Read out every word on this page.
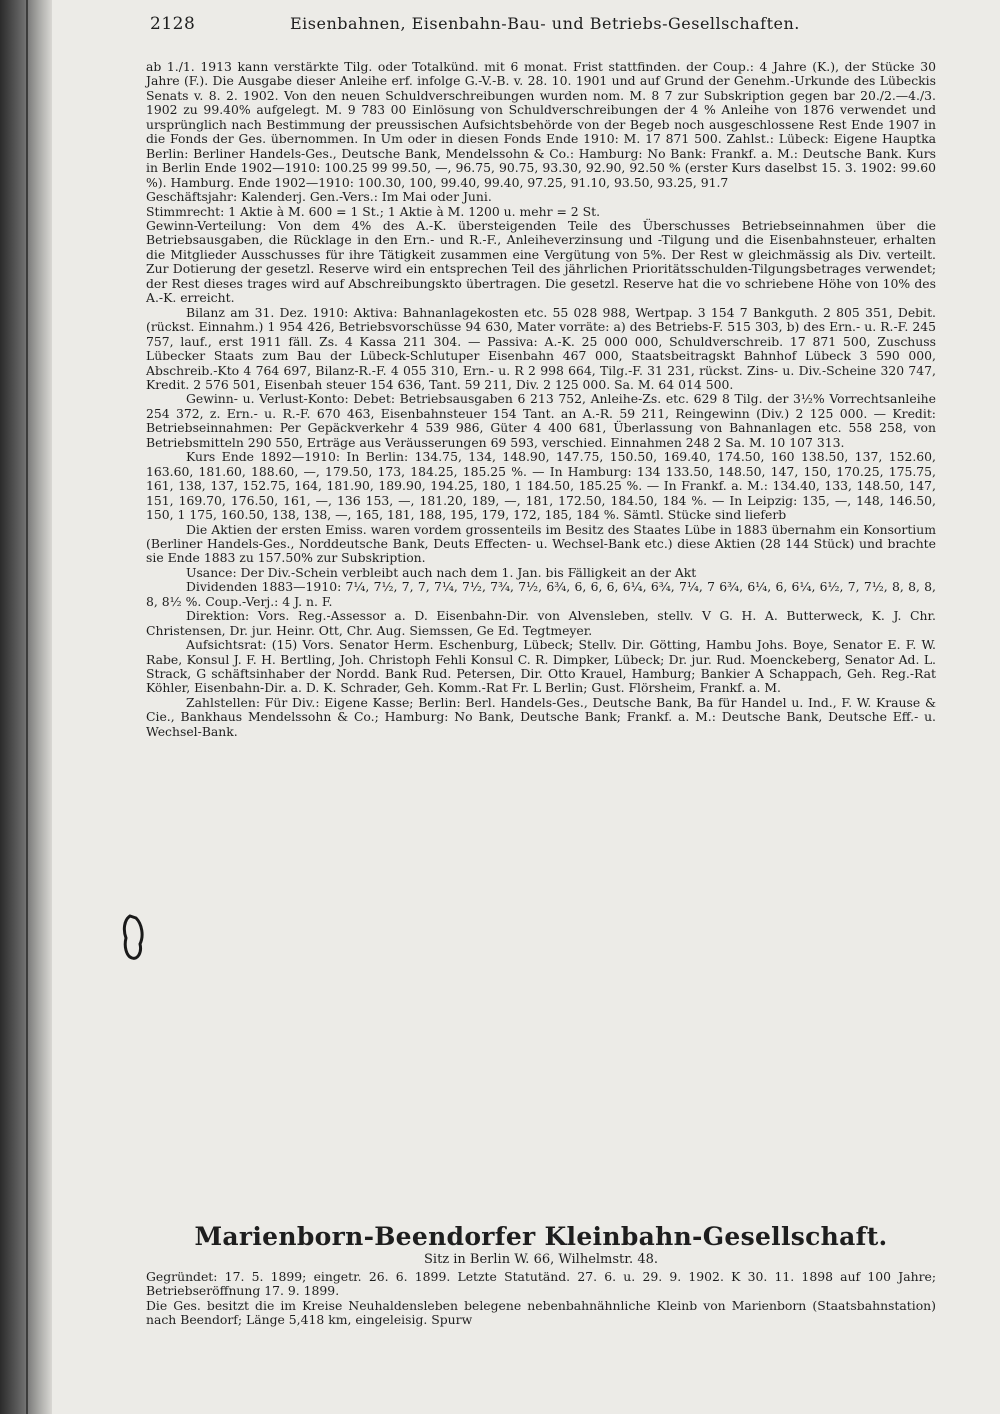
2128	Eisenbahnen, Eisenbahn-Bau- und Betriebs-Gesellschaften.

ab 1./1. 1913 kann verstärkte Tilg. oder Totalkünd. mit 6 monat. Frist stattfinden. der Coup.: 4 Jahre (K.), der Stücke 30 Jahre (F.). Die Ausgabe dieser Anleihe erf. infolge G.-V.-B. v. 28. 10. 1901 und auf Grund der Genehm.-Urkunde des Lübeckis Senats v. 8. 2. 1902. Von den neuen Schuldverschreibungen wurden nom. M. 8 7 zur Subskription gegen bar 20./2.—4./3. 1902 zu 99.40% aufgelegt. M. 9 783 00 Einlösung von Schuldverschreibungen der 4 % Anleihe von 1876 verwendet und ursprünglich nach Bestimmung der preussischen Aufsichtsbehörde von der Begeb noch ausgeschlossene Rest Ende 1907 in die Fonds der Ges. übernommen. In Um oder in diesen Fonds Ende 1910: M. 17 871 500. Zahlst.: Lübeck: Eigene Hauptka Berlin: Berliner Handels-Ges., Deutsche Bank, Mendelssohn & Co.: Hamburg: No Bank: Frankf. a. M.: Deutsche Bank. Kurs in Berlin Ende 1902—1910: 100.25 99 99.50, —, 96.75, 90.75, 93.30, 92.90, 92.50 % (erster Kurs daselbst 15. 3. 1902: 99.60 %). Hamburg. Ende 1902—1910: 100.30, 100, 99.40, 99.40, 97.25, 91.10, 93.50, 93.25, 91.7

Geschäftsjahr: Kalenderj. Gen.-Vers.: Im Mai oder Juni.

Stimmrecht: 1 Aktie à M. 600 = 1 St.; 1 Aktie à M. 1200 u. mehr = 2 St.

Gewinn-Verteilung: Von dem 4% des A.-K. übersteigenden Teile des Überschusses Betriebseinnahmen über die Betriebsausgaben, die Rücklage in den Ern.- und R.-F., Anleiheverzinsung und -Tilgung und die Eisenbahnsteuer, erhalten die Mitglieder Ausschusses für ihre Tätigkeit zusammen eine Vergütung von 5%. Der Rest w gleichmässig als Div. verteilt. Zur Dotierung der gesetzl. Reserve wird ein entsprechen Teil des jährlichen Prioritätsschulden-Tilgungsbetrages verwendet; der Rest dieses trages wird auf Abschreibungskto übertragen. Die gesetzl. Reserve hat die vo schriebene Höhe von 10% des A.-K. erreicht.

Bilanz am 31. Dez. 1910: Aktiva: Bahnanlagekosten etc. 55 028 988, Wertpap. 3 154 7 Bankguth. 2 805 351, Debit. (rückst. Einnahm.) 1 954 426, Betriebsvorschüsse 94 630, Mater vorräte: a) des Betriebs-F. 515 303, b) des Ern.- u. R.-F. 245 757, lauf., erst 1911 fäll. Zs. 4 Kassa 211 304. — Passiva: A.-K. 25 000 000, Schuldverschreib. 17 871 500, Zuschuss Lübecker Staats zum Bau der Lübeck-Schlutuper Eisenbahn 467 000, Staatsbeitragskt Bahnhof Lübeck 3 590 000, Abschreib.-Kto 4 764 697, Bilanz-R.-F. 4 055 310, Ern.- u. R 2 998 664, Tilg.-F. 31 231, rückst. Zins- u. Div.-Scheine 320 747, Kredit. 2 576 501, Eisenbah steuer 154 636, Tant. 59 211, Div. 2 125 000. Sa. M. 64 014 500.

Gewinn- u. Verlust-Konto: Debet: Betriebsausgaben 6 213 752, Anleihe-Zs. etc. 629 8 Tilg. der 3½% Vorrechtsanleihe 254 372, z. Ern.- u. R.-F. 670 463, Eisenbahnsteuer 154 Tant. an A.-R. 59 211, Reingewinn (Div.) 2 125 000. — Kredit: Betriebseinnahmen: Per Gepäckverkehr 4 539 986, Güter 4 400 681, Überlassung von Bahnanlagen etc. 558 258, von Betriebsmitteln 290 550, Erträge aus Veräusserungen 69 593, verschied. Einnahmen 248 2 Sa. M. 10 107 313.

Kurs Ende 1892—1910: In Berlin: 134.75, 134, 148.90, 147.75, 150.50, 169.40, 174.50, 160 138.50, 137, 152.60, 163.60, 181.60, 188.60, —, 179.50, 173, 184.25, 185.25 %. — In Hamburg: 134 133.50, 148.50, 147, 150, 170.25, 175.75, 161, 138, 137, 152.75, 164, 181.90, 189.90, 194.25, 180, 1 184.50, 185.25 %. — In Frankf. a. M.: 134.40, 133, 148.50, 147, 151, 169.70, 176.50, 161, —, 136 153, —, 181.20, 189, —, 181, 172.50, 184.50, 184 %. — In Leipzig: 135, —, 148, 146.50, 150, 1 175, 160.50, 138, 138, —, 165, 181, 188, 195, 179, 172, 185, 184 %. Sämtl. Stücke sind lieferb

Die Aktien der ersten Emiss. waren vordem grossenteils im Besitz des Staates Lübe in 1883 übernahm ein Konsortium (Berliner Handels-Ges., Norddeutsche Bank, Deuts Effecten- u. Wechsel-Bank etc.) diese Aktien (28 144 Stück) und brachte sie Ende 1883 zu 157.50% zur Subskription.

Usance: Der Div.-Schein verbleibt auch nach dem 1. Jan. bis Fälligkeit an der Akt

Dividenden 1883—1910: 7¼, 7½, 7, 7, 7¼, 7½, 7¾, 7½, 6¾, 6, 6, 6, 6¼, 6¾, 7¼, 7 6¾, 6¼, 6, 6¼, 6½, 7, 7½, 8, 8, 8, 8, 8½ %. Coup.-Verj.: 4 J. n. F.

Direktion: Vors. Reg.-Assessor a. D. Eisenbahn-Dir. von Alvensleben, stellv. V G. H. A. Butterweck, K. J. Chr. Christensen, Dr. jur. Heinr. Ott, Chr. Aug. Siemssen, Ge Ed. Tegtmeyer.

Aufsichtsrat: (15) Vors. Senator Herm. Eschenburg, Lübeck; Stellv. Dir. Götting, Hambu Johs. Boye, Senator E. F. W. Rabe, Konsul J. F. H. Bertling, Joh. Christoph Fehli Konsul C. R. Dimpker, Lübeck; Dr. jur. Rud. Moenckeberg, Senator Ad. L. Strack, G schäftsinhaber der Nordd. Bank Rud. Petersen, Dir. Otto Krauel, Hamburg; Bankier A Schappach, Geh. Reg.-Rat Köhler, Eisenbahn-Dir. a. D. K. Schrader, Geh. Komm.-Rat Fr. L Berlin; Gust. Flörsheim, Frankf. a. M.

Zahlstellen: Für Div.: Eigene Kasse; Berlin: Berl. Handels-Ges., Deutsche Bank, Ba für Handel u. Ind., F. W. Krause & Cie., Bankhaus Mendelssohn & Co.; Hamburg: No Bank, Deutsche Bank; Frankf. a. M.: Deutsche Bank, Deutsche Eff.- u. Wechsel-Bank.

Marienborn-Beendorfer Kleinbahn-Gesellschaft.
Sitz in Berlin W. 66, Wilhelmstr. 48.

Gegründet: 17. 5. 1899; eingetr. 26. 6. 1899. Letzte Statutänd. 27. 6. u. 29. 9. 1902. K 30. 11. 1898 auf 100 Jahre; Betriebseröffnung 17. 9. 1899.

Die Ges. besitzt die im Kreise Neuhaldensleben belegene nebenbahnähnliche Kleinb von Marienborn (Staatsbahnstation) nach Beendorf; Länge 5,418 km, eingeleisig. Spurw
